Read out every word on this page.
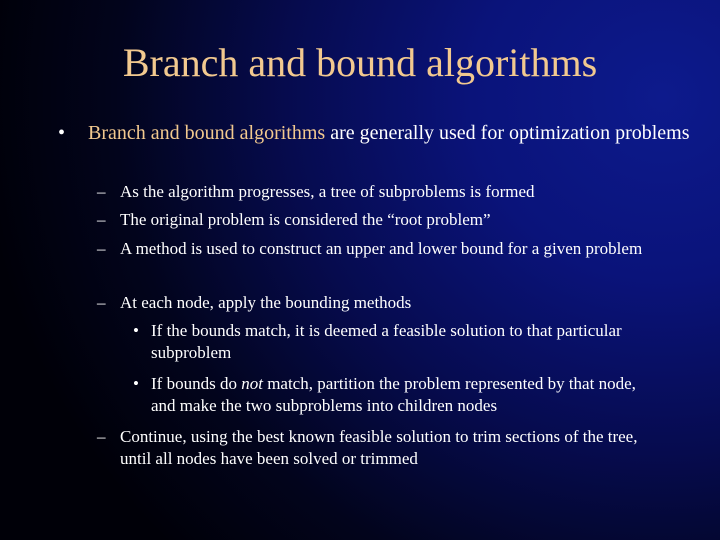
Branch and bound algorithms
• Branch and bound algorithms are generally used for optimization problems
– As the algorithm progresses, a tree of subproblems is formed
– The original problem is considered the “root problem”
– A method is used to construct an upper and lower bound for a given problem
– At each node, apply the bounding methods
• If the bounds match, it is deemed a feasible solution to that particular subproblem
• If bounds do not match, partition the problem represented by that node, and make the two subproblems into children nodes
– Continue, using the best known feasible solution to trim sections of the tree, until all nodes have been solved or trimmed
